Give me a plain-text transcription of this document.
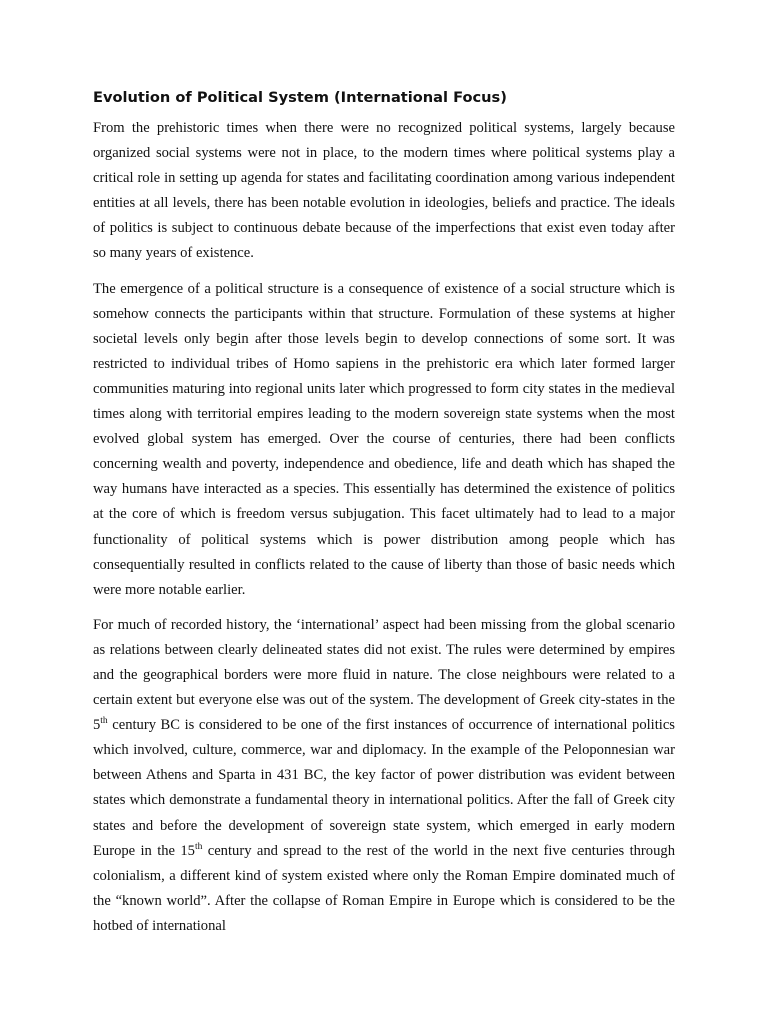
Evolution of Political System (International Focus)

From the prehistoric times when there were no recognized political systems, largely because organized social systems were not in place, to the modern times where political systems play a critical role in setting up agenda for states and facilitating coordination among various independent entities at all levels, there has been notable evolution in ideologies, beliefs and practice. The ideals of politics is subject to continuous debate because of the imperfections that exist even today after so many years of existence.

The emergence of a political structure is a consequence of existence of a social structure which is somehow connects the participants within that structure. Formulation of these systems at higher societal levels only begin after those levels begin to develop connections of some sort. It was restricted to individual tribes of Homo sapiens in the prehistoric era which later formed larger communities maturing into regional units later which progressed to form city states in the medieval times along with territorial empires leading to the modern sovereign state systems when the most evolved global system has emerged. Over the course of centuries, there had been conflicts concerning wealth and poverty, independence and obedience, life and death which has shaped the way humans have interacted as a species. This essentially has determined the existence of politics at the core of which is freedom versus subjugation. This facet ultimately had to lead to a major functionality of political systems which is power distribution among people which has consequentially resulted in conflicts related to the cause of liberty than those of basic needs which were more notable earlier.

For much of recorded history, the ‘international’ aspect had been missing from the global scenario as relations between clearly delineated states did not exist. The rules were determined by empires and the geographical borders were more fluid in nature. The close neighbours were related to a certain extent but everyone else was out of the system. The development of Greek city-states in the 5th century BC is considered to be one of the first instances of occurrence of international politics which involved, culture, commerce, war and diplomacy. In the example of the Peloponnesian war between Athens and Sparta in 431 BC, the key factor of power distribution was evident between states which demonstrate a fundamental theory in international politics. After the fall of Greek city states and before the development of sovereign state system, which emerged in early modern Europe in the 15th century and spread to the rest of the world in the next five centuries through colonialism, a different kind of system existed where only the Roman Empire dominated much of the “known world”. After the collapse of Roman Empire in Europe which is considered to be the hotbed of international
